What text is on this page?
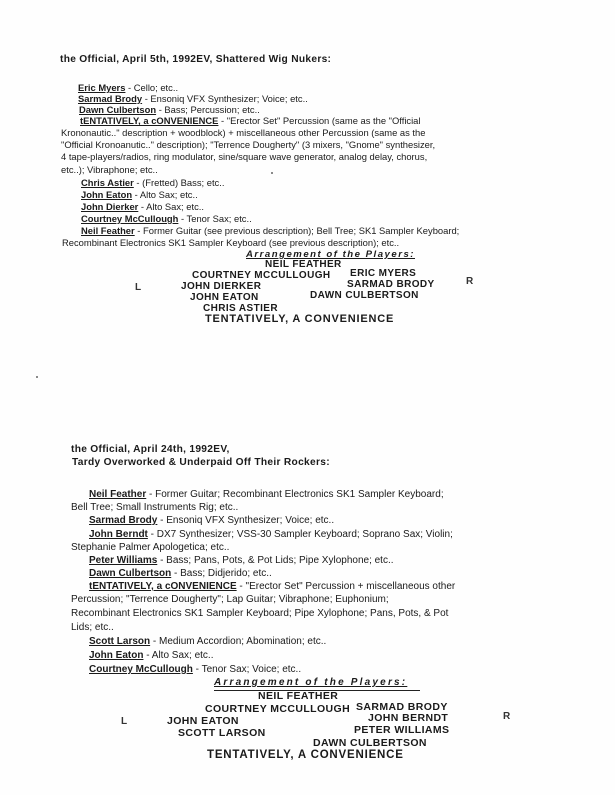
the Official, April 5th, 1992EV, Shattered Wig Nukers:
Eric Myers - Cello; etc..
Sarmad Brody - Ensoniq VFX Synthesizer; Voice; etc..
Dawn Culbertson - Bass; Percussion; etc..
tENTATIVELY, a cONVENIENCE - "Erector Set" Percussion (same as the "Official
Krononautic.." description + woodblock) + miscellaneous other Percussion (same as the
"Official Kronoanutic.." description); "Terrence Dougherty" (3 mixers, "Gnome" synthesizer,
4 tape-players/radios, ring modulator, sine/square wave generator, analog delay, chorus,
etc..); Vibraphone; etc..
Chris Astier - (Fretted) Bass; etc..
John Eaton - Alto Sax; etc..
John Dierker - Alto Sax; etc..
Courtney McCullough - Tenor Sax; etc..
Neil Feather - Former Guitar (see previous description); Bell Tree; SK1 Sampler Keyboard;
Recombinant Electronics SK1 Sampler Keyboard (see previous description); etc..
Arrangement of the Players:
L
R
NEIL FEATHER
COURTNEY MCCULLOUGH ERIC MYERS
JOHN DIERKER	SARMAD BRODY
JOHN EATON	DAWN CULBERTSON
CHRIS ASTIER
TENTATIVELY, A CONVENIENCE
the Official, April 24th, 1992EV,
Tardy Overworked & Underpaid Off Their Rockers:
Neil Feather - Former Guitar; Recombinant Electronics SK1 Sampler Keyboard;
Bell Tree; Small Instruments Rig; etc..
Sarmad Brody - Ensoniq VFX Synthesizer; Voice; etc..
John Berndt - DX7 Synthesizer; VSS-30 Sampler Keyboard; Soprano Sax; Violin;
Stephanie Palmer Apologetica; etc..
Peter Williams - Bass; Pans, Pots, & Pot Lids; Pipe Xylophone; etc..
Dawn Culbertson - Bass; Didjerido; etc..
tENTATIVELY, a cONVENIENCE - "Erector Set" Percussion + miscellaneous other
Percussion; "Terrence Dougherty"; Lap Guitar; Vibraphone; Euphonium;
Recombinant Electronics SK1 Sampler Keyboard; Pipe Xylophone; Pans, Pots, & Pot
Lids; etc..
Scott Larson - Medium Accordion; Abomination; etc..
John Eaton - Alto Sax; etc..
Courtney McCullough - Tenor Sax; Voice; etc..
Arrangement of the Players:
L	R
NEIL FEATHER
COURTNEY MCCULLOUGH SARMAD BRODY
JOHN EATON	JOHN BERNDT
SCOTT LARSON	PETER WILLIAMS
DAWN CULBERTSON
TENTATIVELY, A CONVENIENCE
